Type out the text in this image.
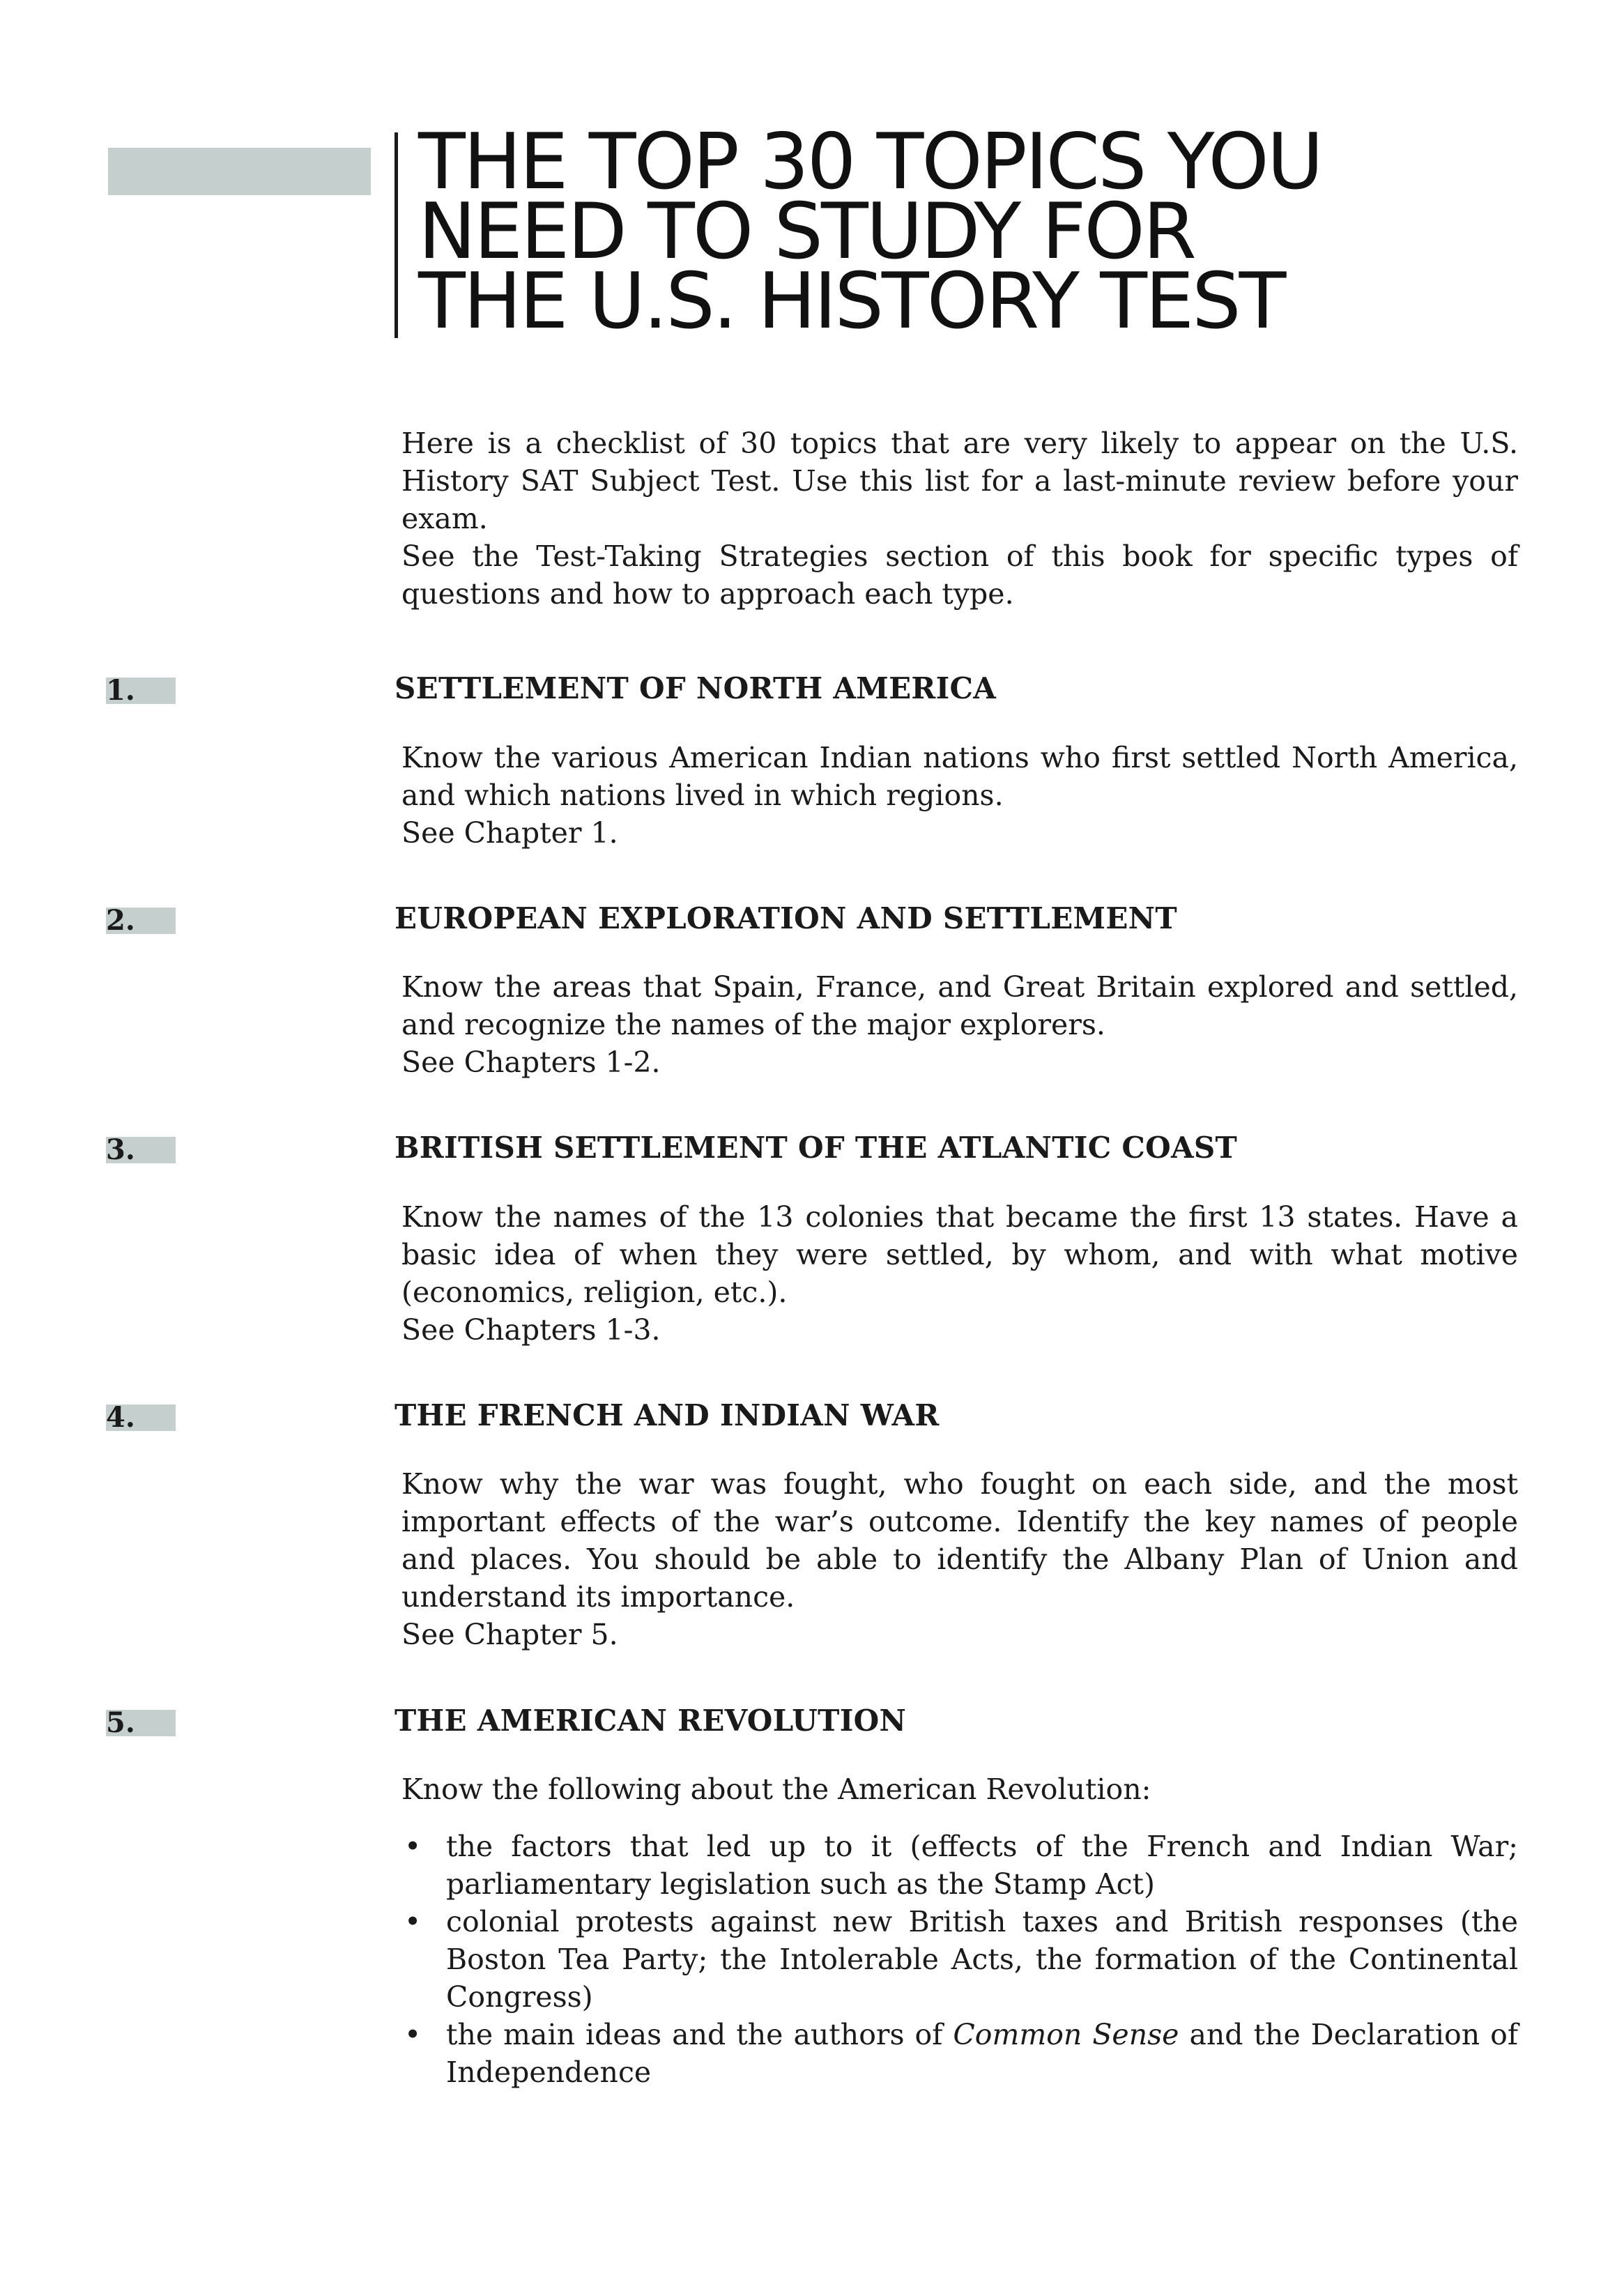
THE TOP 30 TOPICS YOU
NEED TO STUDY FOR
THE U.S. HISTORY TEST

Here is a checklist of 30 topics that are very likely to appear on the U.S. History SAT Subject Test. Use this list for a last-minute review before your exam.

See the Test-Taking Strategies section of this book for specific types of questions and how to approach each type.

1.	SETTLEMENT OF NORTH AMERICA

Know the various American Indian nations who first settled North America, and which nations lived in which regions.

See Chapter 1.

2.	EUROPEAN EXPLORATION AND SETTLEMENT

Know the areas that Spain, France, and Great Britain explored and settled, and recognize the names of the major explorers.

See Chapters 1-2.

3.	BRITISH SETTLEMENT OF THE ATLANTIC COAST

Know the names of the 13 colonies that became the first 13 states. Have a basic idea of when they were settled, by whom, and with what motive (economics, religion, etc.).

See Chapters 1-3.

4.	THE FRENCH AND INDIAN WAR

Know why the war was fought, who fought on each side, and the most important effects of the war’s outcome. Identify the key names of people and places. You should be able to identify the Albany Plan of Union and understand its importance.

See Chapter 5.

5.	THE AMERICAN REVOLUTION

Know the following about the American Revolution:

• the factors that led up to it (effects of the French and Indian War; parliamentary legislation such as the Stamp Act)
• colonial protests against new British taxes and British responses (the Boston Tea Party; the Intolerable Acts, the formation of the Continental Congress)
• the main ideas and the authors of Common Sense and the Declaration of Independence
